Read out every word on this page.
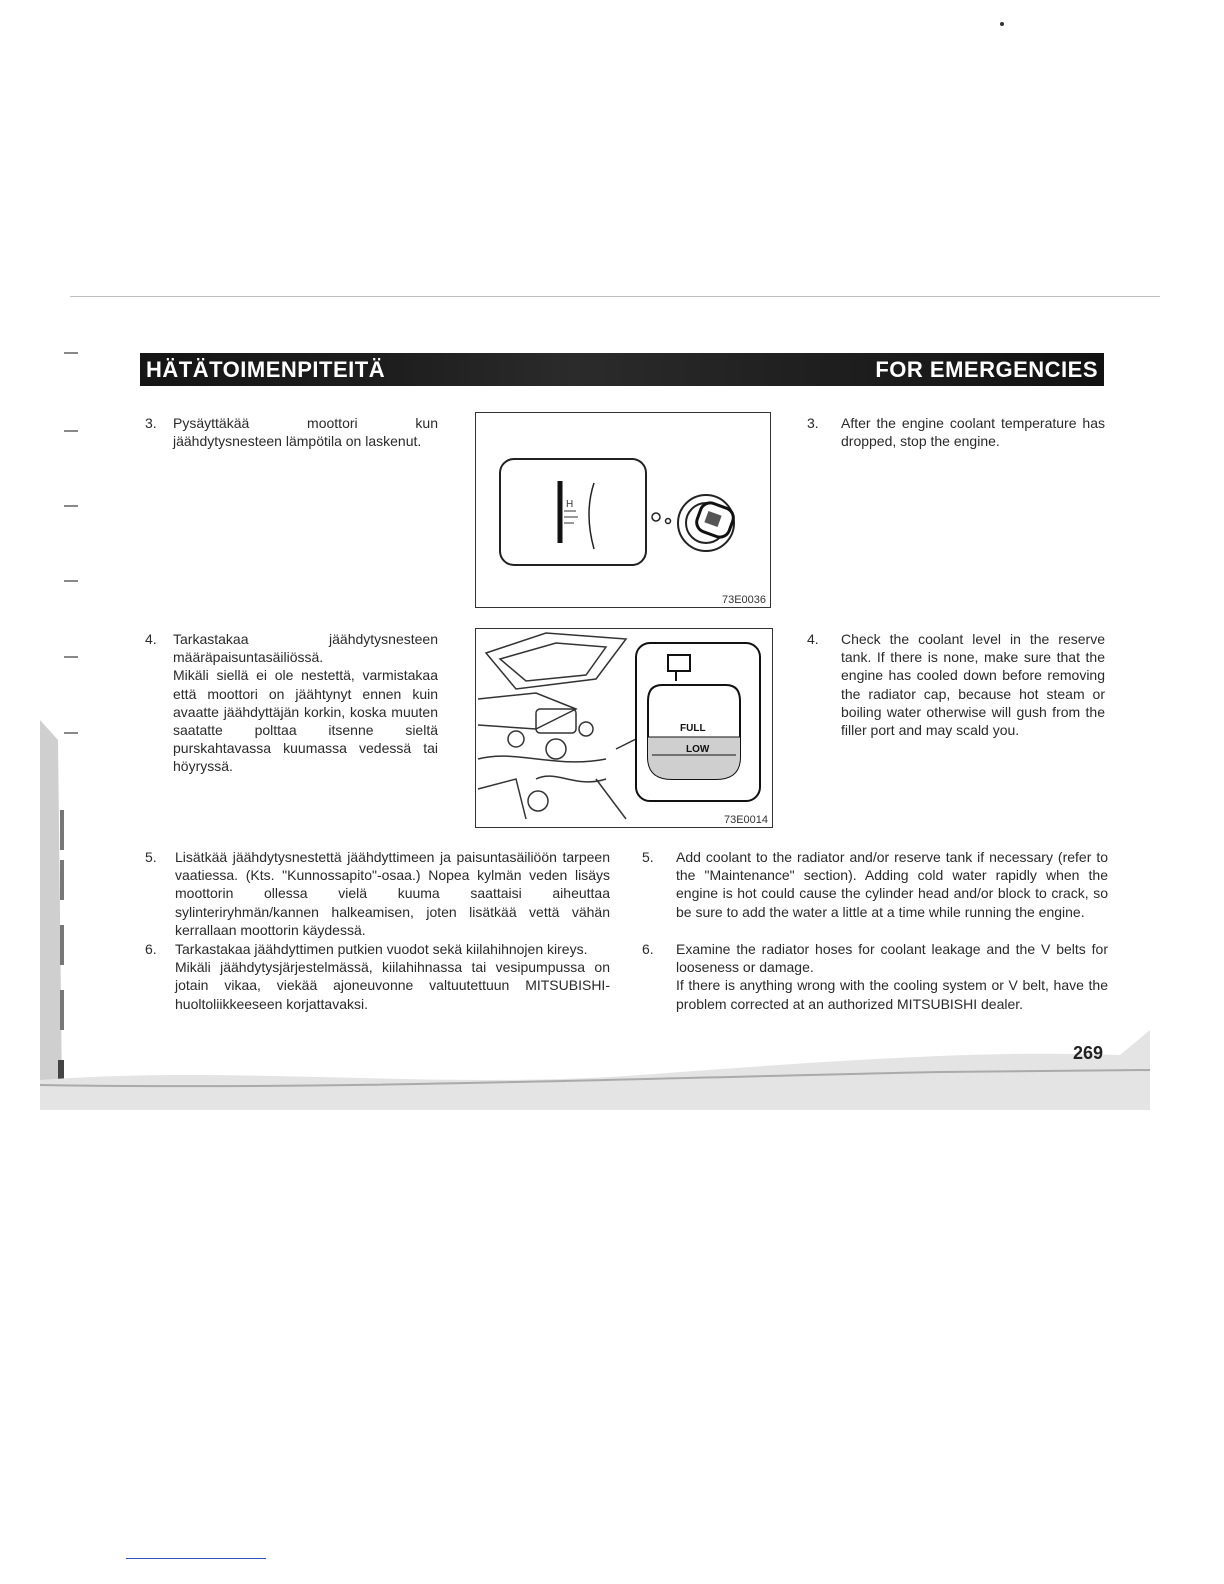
HÄTÄTOIMENPITEITÄ	FOR EMERGENCIES
3. Pysäyttäkää moottori kun jäähdytysnesteen lämpötila on laskenut.

H
73E0036
3. After the engine coolant temperature has dropped, stop the engine.

4. Tarkastakaa jäähdytysnesteen määräpaisuntasäiliössä.

Mikäli siellä ei ole nestettä, varmistakaa että moottori on jäähtynyt ennen kuin avaatte jäähdyttäjän korkin, koska muuten saatatte polttaa itsenne sieltä purskahtavassa kuumassa vedessä tai höyryssä.

FULL
LOW
73E0014
4. Check the coolant level in the reserve tank. If there is none, make sure that the engine has cooled down before removing the radiator cap, because hot steam or boiling water otherwise will gush from the filler port and may scald you.

5. Lisätkää jäähdytysnestettä jäähdyttimeen ja paisuntasäiliöön tarpeen vaatiessa. (Kts. "Kunnossapito"-osaa.) Nopea kylmän veden lisäys moottorin ollessa vielä kuuma saattaisi aiheuttaa sylinteriryhmän/kannen halkeamisen, joten lisätkää vettä vähän kerrallaan moottorin käydessä.

6. Tarkastakaa jäähdyttimen putkien vuodot sekä kiilahihnojen kireys.

Mikäli jäähdytysjärjestelmässä, kiilahihnassa tai vesipumpussa on jotain vikaa, viekää ajoneuvonne valtuutettuun MITSUBISHI-huoltoliikkeeseen korjattavaksi.

5. Add coolant to the radiator and/or reserve tank if necessary (refer to the "Maintenance" section). Adding cold water rapidly when the engine is hot could cause the cylinder head and/or block to crack, so be sure to add the water a little at a time while running the engine.

6. Examine the radiator hoses for coolant leakage and the V belts for looseness or damage.

If there is anything wrong with the cooling system or V belt, have the problem corrected at an authorized MITSUBISHI dealer.

269
